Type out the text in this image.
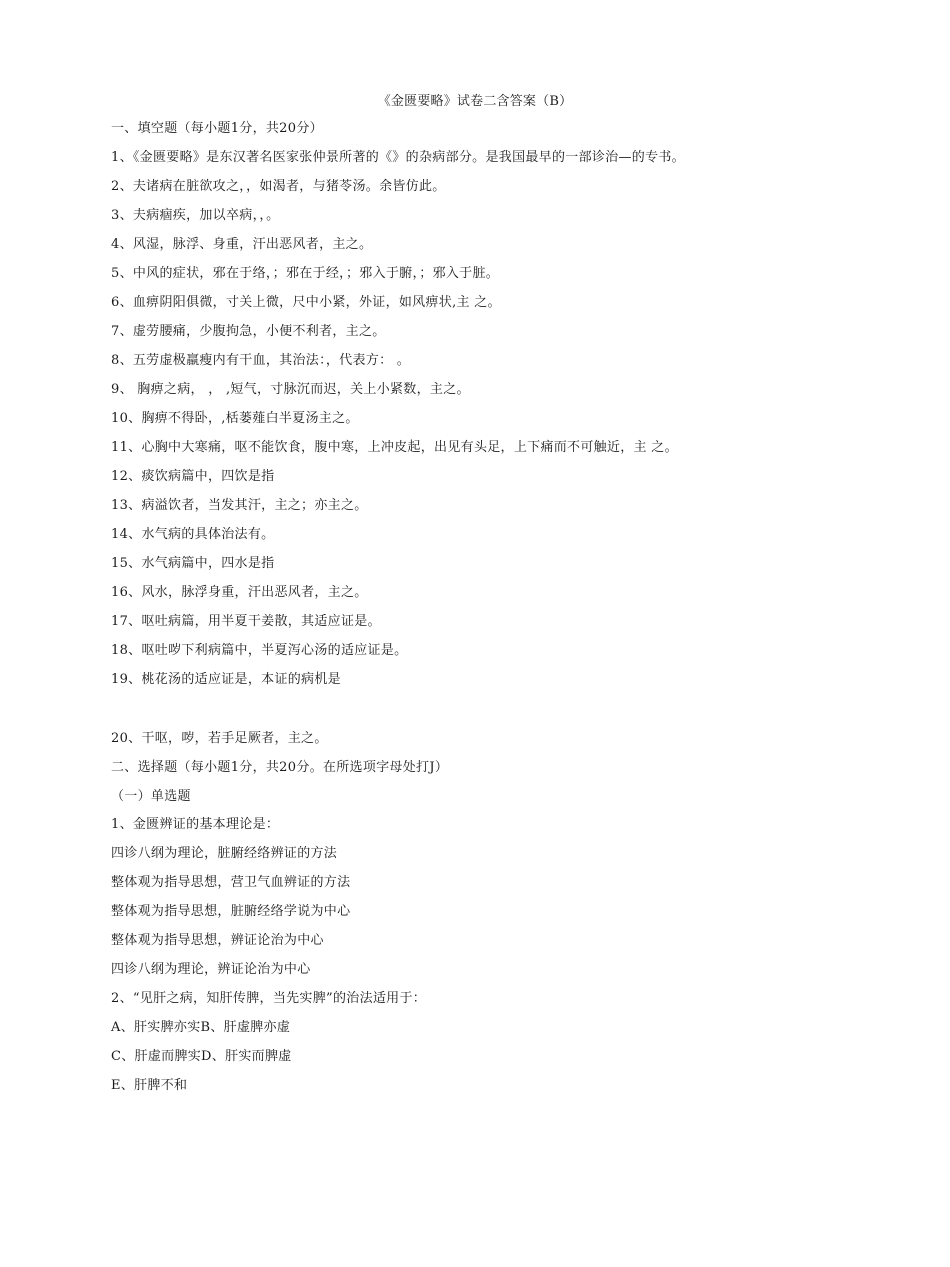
《金匮要略》试卷二含答案（B）
一、填空题（每小题1分，共20分）
1、《金匮要略》是东汉著名医家张仲景所著的《》的杂病部分。是我国最早的一部诊治—的专书。
2、夫诸病在脏欲攻之，，如渴者，与猪苓汤。余皆仿此。
3、夫病痼疾，加以卒病，，。
4、风湿，脉浮、身重，汗出恶风者，主之。
5、中风的症状，邪在于络，；邪在于经，；邪入于腑，；邪入于脏。
6、血痹阴阳俱微，寸关上微，尺中小紧，外证，如风痹状,主 之。
7、虚劳腰痛，少腹拘急，小便不利者，主之。
8、五劳虚极羸瘦内有干血，其治法：，代表方： 。
9、 胸痹之病， ， ,短气，寸脉沉而迟，关上小紧数，主之。
10、胸痹不得卧，,栝蒌薤白半夏汤主之。
11、心胸中大寒痛，呕不能饮食，腹中寒，上冲皮起，出见有头足，上下痛而不可触近，主 之。
12、痰饮病篇中，四饮是指
13、病溢饮者，当发其汗，主之；亦主之。
14、水气病的具体治法有。
15、水气病篇中，四水是指
16、风水，脉浮身重，汗出恶风者，主之。
17、呕吐病篇，用半夏干姜散，其适应证是。
18、呕吐哕下利病篇中，半夏泻心汤的适应证是。
19、桃花汤的适应证是，本证的病机是
20、干呕，哕，若手足厥者，主之。
二、选择题（每小题1分，共20分。在所选项字母处打J）
（一）单选题
1、金匮辨证的基本理论是：
四诊八纲为理论，脏腑经络辨证的方法
整体观为指导思想，营卫气血辨证的方法
整体观为指导思想，脏腑经络学说为中心
整体观为指导思想，辨证论治为中心
四诊八纲为理论，辨证论治为中心
2、“见肝之病，知肝传脾，当先实脾”的治法适用于：
A、肝实脾亦实B、肝虚脾亦虚
C、肝虚而脾实D、肝实而脾虚
E、肝脾不和
